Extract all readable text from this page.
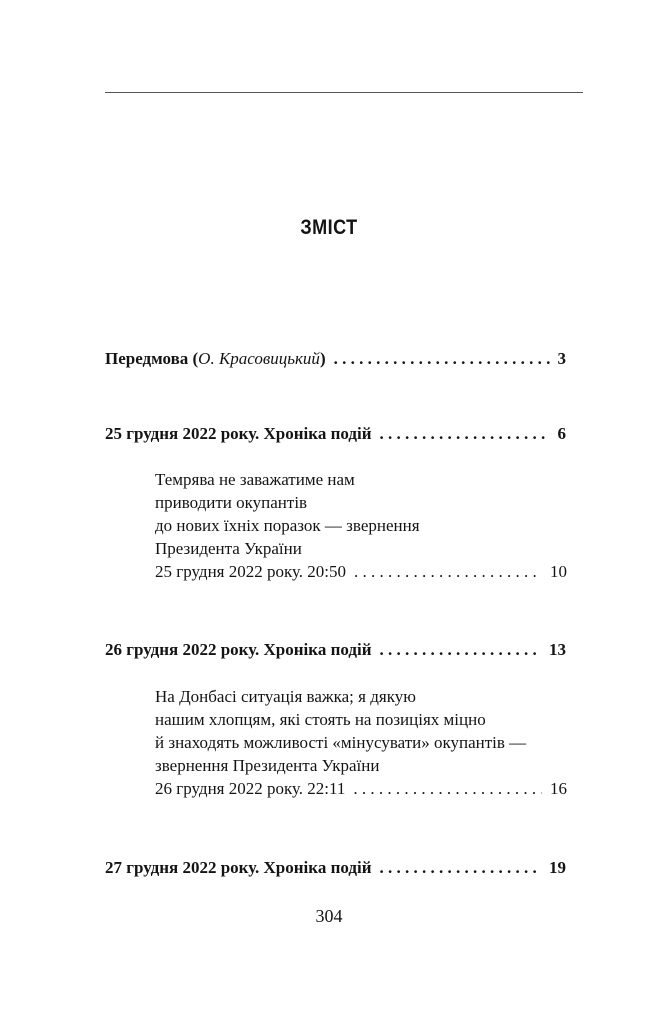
ЗМІСТ
Передмова (О. Красовицький) . . .	3
25 грудня 2022 року. Хроніка подій . . .	6
Темрява не заважатиме нам
приводити окупантів
до нових їхніх поразок — звернення
Президента України
25 грудня 2022 року. 20:50 . . .	10
26 грудня 2022 року. Хроніка подій . . .	13
На Донбасі ситуація важка; я дякую
нашим хлопцям, які стоять на позиціях міцно
й знаходять можливості «мінусувати» окупантів —
звернення Президента України
26 грудня 2022 року. 22:11 . . .	16
27 грудня 2022 року. Хроніка подій . . .	19
304
